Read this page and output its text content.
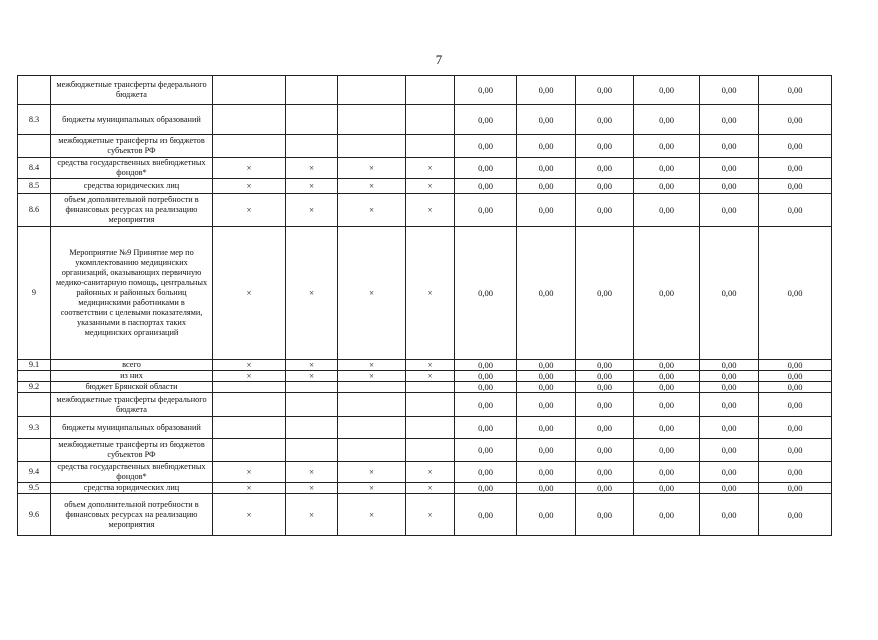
7
	межбюджетные трансферты федерального бюджета					0,00	0,00	0,00	0,00	0,00	0,00
8.3	бюджеты муниципальных образований					0,00	0,00	0,00	0,00	0,00	0,00
	межбюджетные трансферты из бюджетов субъектов РФ					0,00	0,00	0,00	0,00	0,00	0,00
8.4	средства государственных внебюджетных фондов*	×	×	×	×	0,00	0,00	0,00	0,00	0,00	0,00
8.5	средства юридических лиц	×	×	×	×	0,00	0,00	0,00	0,00	0,00	0,00
8.6	объем дополнительной потребности в финансовых ресурсах на реализацию мероприятия	×	×	×	×	0,00	0,00	0,00	0,00	0,00	0,00
9	Мероприятие №9 Принятие мер по укомплектованию медицинских организаций, оказывающих первичную медико-санитарную помощь, центральных районных и районных больниц медицинскими работниками в соответствии с целевыми показателями, указанными в паспортах таких медицинских организаций	×	×	×	×	0,00	0,00	0,00	0,00	0,00	0,00
9.1	всего	×	×	×	×	0,00	0,00	0,00	0,00	0,00	0,00
	из них	×	×	×	×	0,00	0,00	0,00	0,00	0,00	0,00
9.2	бюджет Брянской области					0,00	0,00	0,00	0,00	0,00	0,00
	межбюджетные трансферты федерального бюджета					0,00	0,00	0,00	0,00	0,00	0,00
9.3	бюджеты муниципальных образований					0,00	0,00	0,00	0,00	0,00	0,00
	межбюджетные трансферты из бюджетов субъектов РФ					0,00	0,00	0,00	0,00	0,00	0,00
9.4	средства государственных внебюджетных фондов*	×	×	×	×	0,00	0,00	0,00	0,00	0,00	0,00
9.5	средства юридических лиц	×	×	×	×	0,00	0,00	0,00	0,00	0,00	0,00
9.6	объем дополнительной потребности в финансовых ресурсах на реализацию мероприятия	×	×	×	×	0,00	0,00	0,00	0,00	0,00	0,00
